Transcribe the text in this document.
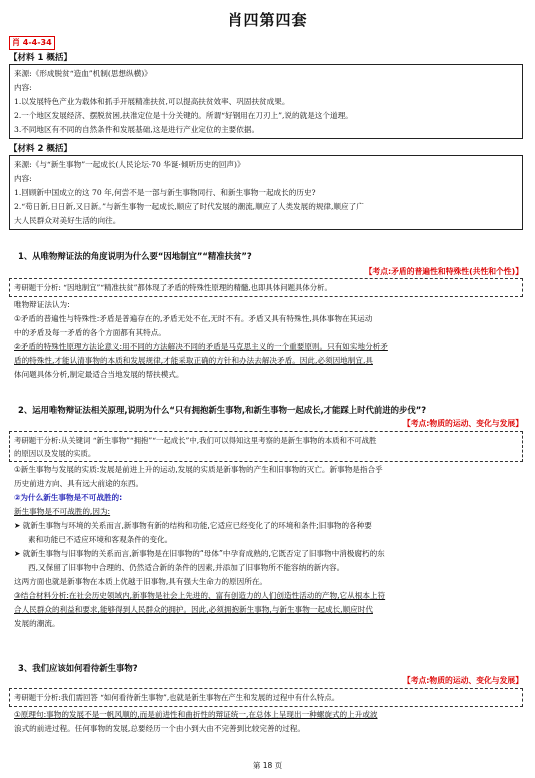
肖四第四套
肖 4-4-34
【材料 1 概括】

来源:《形成脱贫“造血”机制(思想纵横)》

内容:

1.以发展特色产业为载体和抓手开展精准扶贫,可以提高扶贫效率、巩固扶贫成果。

2.一个地区发展经济、摆脱贫困,扶准定位是十分关键的。所谓“好钢用在刀刃上”,说的就是这个道理。

3.不同地区有不同的自然条件和发展基础,这是进行产业定位的主要依据。

【材料 2 概括】

来源:《与“新生事物”一起成长(人民论坛·70 华诞·倾听历史的回声)》

内容:

1.回顾新中国成立的这 70 年,何尝不是一部与新生事物同行、和新生事物一起成长的历史?

2.“苟日新,日日新,又日新。”与新生事物一起成长,顺应了时代发展的潮流,顺应了人类发展的规律,顺应了广

大人民群众对美好生活的向往。

1、从唯物辩证法的角度说明为什么要“因地制宜”“精准扶贫”?
【考点:矛盾的普遍性和特殊性(共性和个性)】

考研题干分析: “因地制宜”“精准扶贫”都体现了矛盾的特殊性原理的精髓,也即具体问题具体分析。

唯物辩证法认为:

①矛盾的普遍性与特殊性:矛盾是普遍存在的,矛盾无处不在,无时不有。矛盾又具有特殊性,具体事物在其运动

中的矛盾及每一矛盾的各个方面都有其特点。

②矛盾的特殊性原理方法论意义:用不同的方法解决不同的矛盾是马克思主义的一个重要原则。只有如实地分析矛

盾的特殊性,才能认清事物的本质和发展规律,才能采取正确的方针和办法去解决矛盾。因此,必须因地制宜,具

体问题具体分析,制定最适合当地发展的帮扶模式。

2、运用唯物辩证法相关原理,说明为什么“只有拥抱新生事物,和新生事物一起成长,才能踩上时代前进的步伐”?
【考点:物质的运动、变化与发展】

考研题干分析:从关键词 “新生事物”“拥抱”“一起成长”中,我们可以得知这里考察的是新生事物的本质和不可战胜

的原因以及发展的实质。

①新生事物与发展的实质:发展是前进上升的运动,发展的实质是新事物的产生和旧事物的灭亡。新事物是指合乎

历史前进方向、具有远大前途的东西。

②为什么新生事物是不可战胜的:

新生事物是不可战胜的,因为:

➤ 就新生事物与环境的关系而言,新事物有新的结构和功能,它适应已经变化了的环境和条件;旧事物的各种要

素和功能已不适应环境和客观条件的变化。

➤ 就新生事物与旧事物的关系而言,新事物是在旧事物的“母体”中孕育成熟的,它既否定了旧事物中消极腐朽的东

西,又保留了旧事物中合理的、仍然适合新的条件的因素,并添加了旧事物所不能容纳的新内容。

这两方面也就是新事物在本质上优越于旧事物,具有强大生命力的原因所在。

③结合材料分析:在社会历史领域内,新事物是社会上先进的、富有创造力的人们创造性活动的产物,它从根本上符

合人民群众的利益和要求,能够得到人民群众的拥护。因此,必须拥抱新生事物,与新生事物一起成长,顺应时代

发展的潮流。

3、我们应该如何看待新生事物?
【考点:物质的运动、变化与发展】

考研题干分析:我们需回答 “如何看待新生事物”,也就是新生事物在产生和发展的过程中有什么特点。

①原理句:事物的发展不是一帆风顺的,而是前进性和曲折性的辩证统一,在总体上呈现出一种螺旋式的上升或波

浪式的前进过程。任何事物的发展,总要经历一个由小到大由不完善到比较完善的过程。

第 18 页
